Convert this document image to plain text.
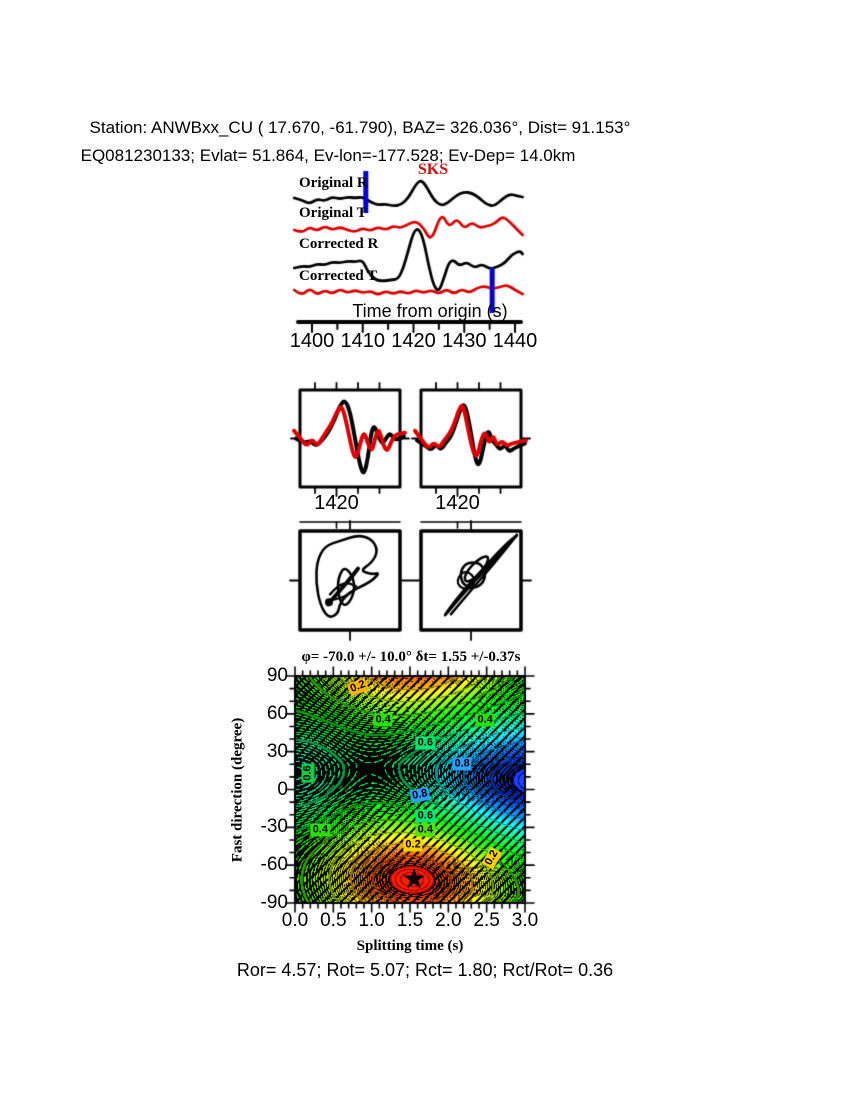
Station: ANWBxx_CU ( 17.670, -61.790), BAZ= 326.036°, Dist= 91.153°
EQ081230133; Evlat= 51.864, Ev-lon=-177.528; Ev-Dep= 14.0km
SKS
Time from origin (s)
φ= -70.0 +/- 10.0° δt= 1.55 +/-0.37s
Splitting time (s)
Fast direction (degree)
★
Ror= 4.57; Rot= 5.07; Rct= 1.80; Rct/Rot= 0.36
Original R
Original T
Corrected R
Corrected T
1400 1410 1420 1430 1440
1420	1420
0.0 0.5 1.0 1.5 2.0 2.5 3.0
90
60
30
0
-30
-60
-90
0.2
0.4	0.4
0.6
0.8
0.8
0.6
0.4
0.2
0.4
0.6
0.2
